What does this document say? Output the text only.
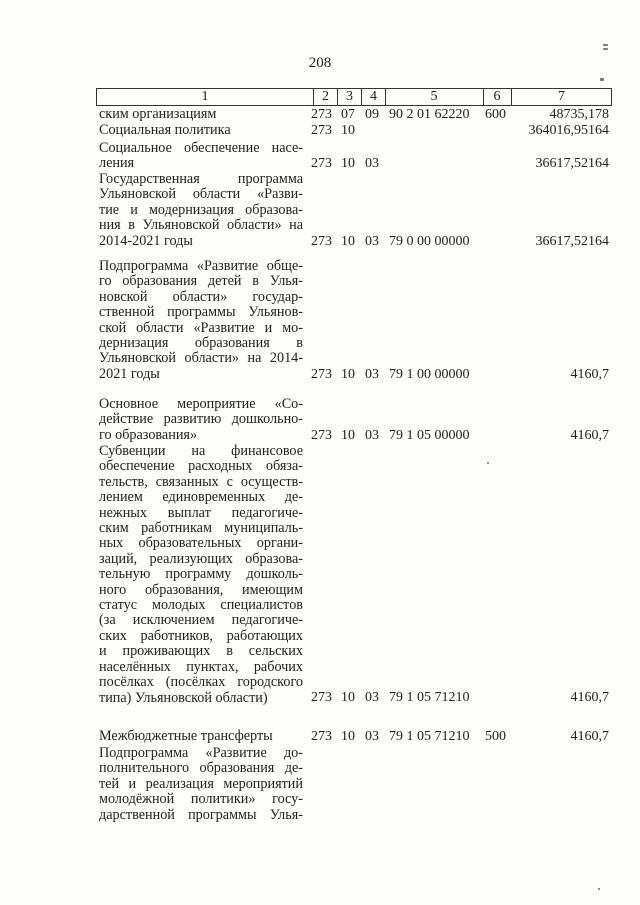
208
1	2	3	4	5	6	7
ским организациям	273 07 09 90 2 01 62220	600	48735,178
Социальная политика	273 10	364016,95164
Социальное обеспечение насе-
ления	273 10 03	36617,52164
Государственная программа
Ульяновской области «Разви-
тие и модернизация образова-
ния в Ульяновской области» на
2014-2021 годы	273 10 03 79 0 00 00000	36617,52164
Подпрограмма «Развитие обще-
го образования детей в Улья-
новской области» государ-
ственной программы Ульянов-
ской области «Развитие и мо-
дернизация образования в
Ульяновской области» на 2014-
2021 годы	273 10 03 79 1 00 00000	4160,7
Основное мероприятие «Со-
действие развитию дошкольно-
го образования»	273 10 03 79 1 05 00000	4160,7
Субвенции на финансовое
обеспечение расходных обяза-
тельств, связанных с осуществ-
лением единовременных де-
нежных выплат педагогиче-
ским работникам муниципаль-
ных образовательных органи-
заций, реализующих образова-
тельную программу дошколь-
ного образования, имеющим
статус молодых специалистов
(за исключением педагогиче-
ских работников, работающих
и проживающих в сельских
населённых пунктах, рабочих
посёлках (посёлках городского
типа) Ульяновской области)	273 10 03 79 1 05 71210	4160,7
Межбюджетные трансферты	273 10 03 79 1 05 71210	500	4160,7
Подпрограмма «Развитие до-
полнительного образования де-
тей и реализация мероприятий
молодёжной политики» госу-
дарственной программы Улья-
